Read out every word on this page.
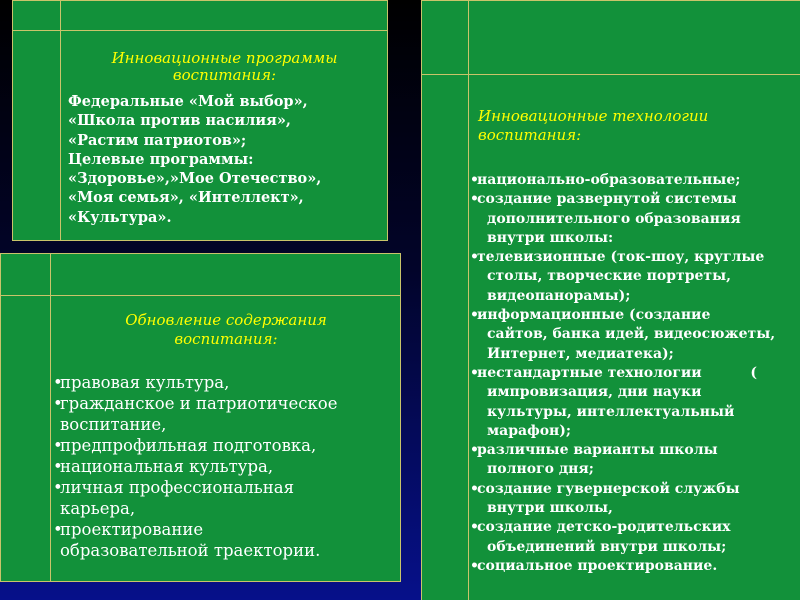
Инновационные программы
воспитания:
Федеральные «Мой выбор»,
«Школа против насилия»,
«Растим патриотов»;
Целевые программы:
«Здоровье»,»Мое Отечество»,
«Моя семья», «Интеллект»,
«Культура».
Обновление содержания
воспитания:
• правовая культура,
• гражданское и патриотическое
воспитание,
• предпрофильная подготовка,
• национальная культура,
• личная профессиональная
карьера,
• проектирование
образовательной траектории.
Инновационные технологии
воспитания:
• национально-образовательные;
• создание развернутой системы
дополнительного образования
внутри школы:
• телевизионные (ток-шоу, круглые
столы, творческие портреты,
видеопанорамы);
• информационные (создание
сайтов, банка идей, видеосюжеты,
Интернет, медиатека);
• нестандартные технологии          (
импровизация, дни науки
культуры, интеллектуальный
марафон);
• различные варианты школы
полного дня;
• создание гувернерской службы
внутри школы,
• создание детско-родительских
объединений внутри школы;
• социальное проектирование.
